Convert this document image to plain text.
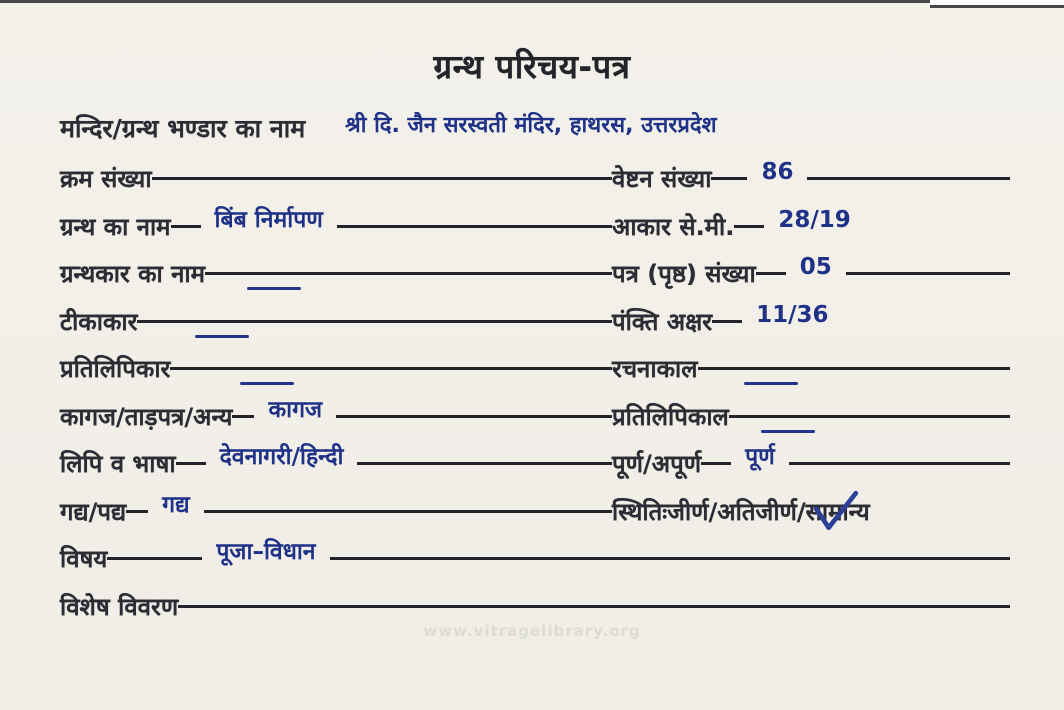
ग्रन्थ परिचय-पत्र
मन्दिर/ग्रन्थ भण्डार का नाम श्री दि. जैन सरस्वती मंदिर, हाथरस, उत्तरप्रदेश
क्रम संख्या	वेष्टन संख्या 86
ग्रन्थ का नाम बिंब निर्मापण	आकार से.मी. 28/19
ग्रन्थकार का नाम	पत्र (पृष्ठ) संख्या 05
टीकाकार	पंक्ति अक्षर 11/36
प्रतिलिपिकार	रचनाकाल
कागज/ताड़पत्र/अन्य कागज	प्रतिलिपिकाल
लिपि व भाषा देवनागरी/हिन्दी	पूर्ण/अपूर्ण पूर्ण
गद्य/पद्य गद्य	स्थितिःजीर्ण/अतिजीर्ण/ सामान्य
विषय	पूजा–विधान
विशेष विवरण
www.vitragelibrary.org
